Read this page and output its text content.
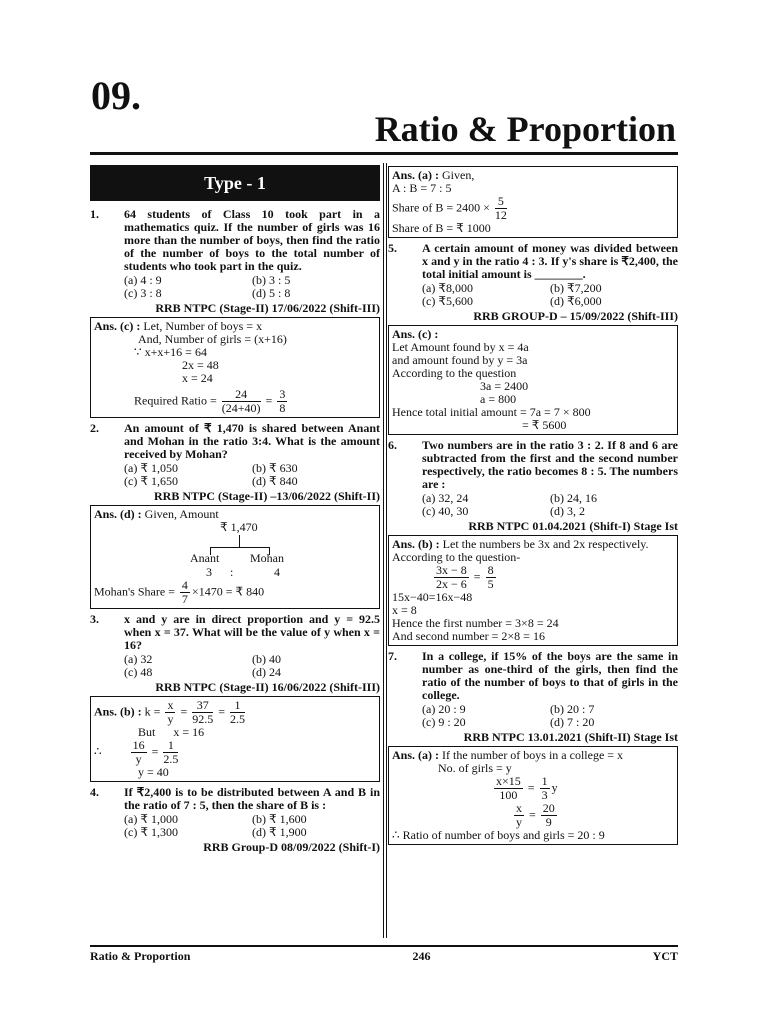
09.
Ratio & Proportion
Type - 1
1.	64 students of Class 10 took part in a mathematics quiz. If the number of girls was 16 more than the number of boys, then find the ratio of the number of boys to the total number of students who took part in the quiz.
(a) 4 : 9	(b) 3 : 5
(c) 3 : 8	(d) 5 : 8
RRB NTPC (Stage-II) 17/06/2022 (Shift-III)
Ans. (c) : Let, Number of boys = x
And, Number of girls = (x+16)
∵ x+x+16 = 64
2x = 48
x = 24
Required Ratio = $\frac{24}{(24+40)} = \frac{3}{8}$
2.	An amount of ₹ 1,470 is shared between Anant and Mohan in the ratio 3:4. What is the amount received by Mohan?
(a) ₹ 1,050	(b) ₹ 630
(c) ₹ 1,650	(d) ₹ 840
RRB NTPC (Stage-II) –13/06/2022 (Shift-II)
Ans. (d) : Given, Amount
₹ 1,470
Anant	Mohan
3 :	4
Mohan's Share = $\frac{4}{7} \times 1470$ = ₹ 840
3.	x and y are in direct proportion and y = 92.5 when x = 37. What will be the value of y when x = 16?
(a) 32	(b) 40
(c) 48	(d) 24
RRB NTPC (Stage-II) 16/06/2022 (Shift-III)
Ans. (b) : $k = \frac{x}{y} = \frac{37}{92.5} = \frac{1}{2.5}$
But x = 16
∴ $\frac{16}{y} = \frac{1}{2.5}$
y = 40
4.	If ₹2,400 is to be distributed between A and B in the ratio of 7 : 5, then the share of B is :
(a) ₹ 1,000	(b) ₹ 1,600
(c) ₹ 1,300	(d) ₹ 1,900
RRB Group-D 08/09/2022 (Shift-I)
Ans. (a) : Given,
A : B = 7 : 5
Share of $B = 2400 \times \frac{5}{12}$
Share of B = ₹ 1000
5.	A certain amount of money was divided between x and y in the ratio 4 : 3. If y's share is ₹2,400, the total initial amount is ________.
(a) ₹8,000	(b) ₹7,200
(c) ₹5,600	(d) ₹6,000
RRB GROUP-D – 15/09/2022 (Shift-III)
Ans. (c) :
Let Amount found by x = 4a
and amount found by y = 3a
According to the question
3a = 2400
a = 800
Hence total initial amount = 7a = 7 × 800
= ₹ 5600
6.	Two numbers are in the ratio 3 : 2. If 8 and 6 are subtracted from the first and the second number respectively, the ratio becomes 8 : 5. The numbers are :
(a) 32, 24	(b) 24, 16
(c) 40, 30	(d) 3, 2
RRB NTPC 01.04.2021 (Shift-I) Stage Ist
Ans. (b) : Let the numbers be 3x and 2x respectively.
According to the question-
$\frac{3x - 8}{2x - 6} = \frac{8}{5}$
15x−40=16x−48
x = 8
Hence the first number = 3×8 = 24
And second number = 2×8 = 16
7.	In a college, if 15% of the boys are the same in number as one-third of the girls, then find the ratio of the number of boys to that of girls in the college.
(a) 20 : 9	(b) 20 : 7
(c) 9 : 20	(d) 7 : 20
RRB NTPC 13.01.2021 (Shift-II) Stage Ist
Ans. (a) : If the number of boys in a college = x
No. of girls = y
$\frac{x\times 15}{100} = \frac{1}{3}$ y
$\frac{x}{y} = \frac{20}{9}$
∴ Ratio of number of boys and girls = 20 : 9
Ratio & Proportion	246	YCT
